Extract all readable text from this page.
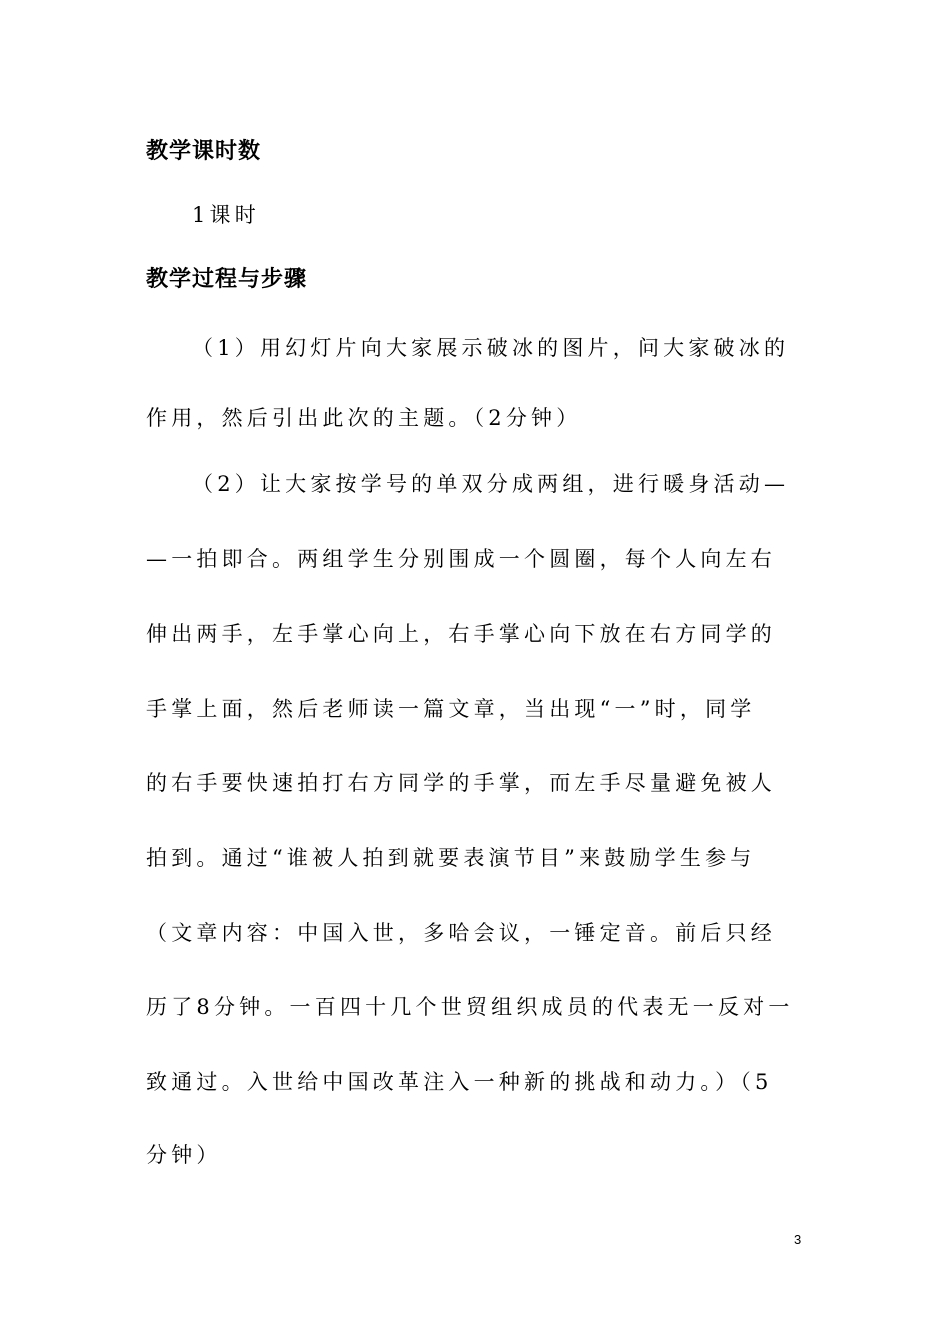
教学课时数
1课时
教学过程与步骤
（1）用幻灯片向大家展示破冰的图片，问大家破冰的
作用，然后引出此次的主题。（2分钟）
（2）让大家按学号的单双分成两组，进行暖身活动—
—一拍即合。两组学生分别围成一个圆圈，每个人向左右
伸出两手，左手掌心向上，右手掌心向下放在右方同学的
手掌上面，然后老师读一篇文章，当出现“一”时，同学
的右手要快速拍打右方同学的手掌，而左手尽量避免被人
拍到。通过“谁被人拍到就要表演节目”来鼓励学生参与
（文章内容：中国入世，多哈会议，一锤定音。前后只经
历了8分钟。一百四十几个世贸组织成员的代表无一反对一
致通过。入世给中国改革注入一种新的挑战和动力。）（5
分钟）
3
